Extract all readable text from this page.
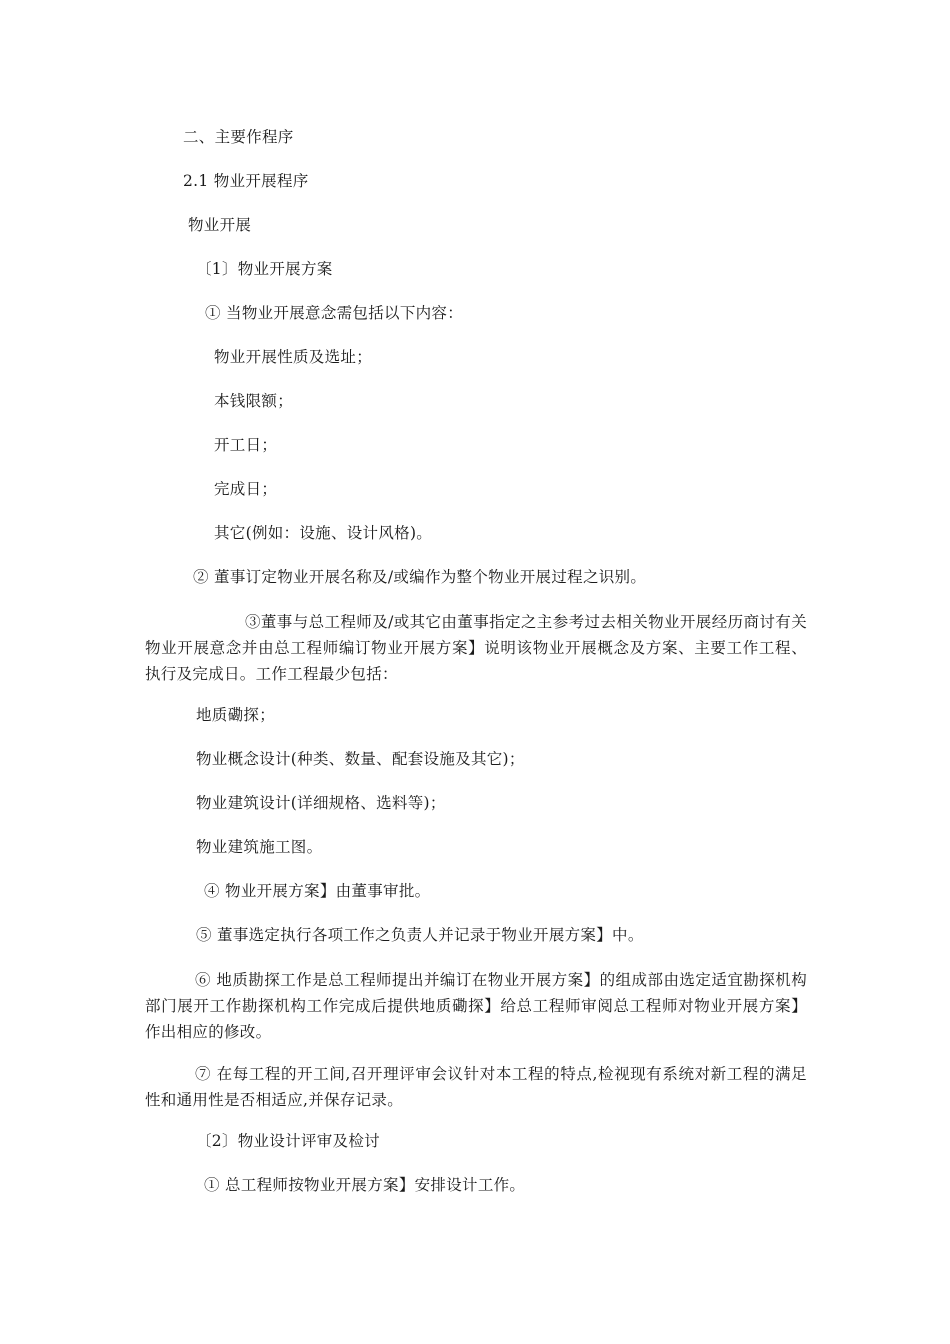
二、主要作程序
2.1 物业开展程序
物业开展
〔1〕物业开展方案
① 当物业开展意念需包括以下内容：
物业开展性质及选址；
本钱限额；
开工日；
完成日；
其它(例如：设施、设计风格)。
② 董事订定物业开展名称及/或编作为整个物业开展过程之识别。
③董事与总工程师及/或其它由董事指定之主参考过去相关物业开展经历商讨有关物业开展意念并由总工程师编订物业开展方案】说明该物业开展概念及方案、主要工作工程、执行及完成日。工作工程最少包括：
地质磡探；
物业概念设计(种类、数量、配套设施及其它)；
物业建筑设计(详细规格、选料等)；
物业建筑施工图。
④ 物业开展方案】由董事审批。
⑤ 董事选定执行各项工作之负责人并记录于物业开展方案】中。
⑥ 地质勘探工作是总工程师提出并编订在物业开展方案】的组成部由选定适宜勘探机构部门展开工作勘探机构工作完成后提供地质磡探】给总工程师审阅总工程师对物业开展方案】作出相应的修改。
⑦ 在每工程的开工间,召开理评审会议针对本工程的特点,检视现有系统对新工程的满足性和通用性是否相适应,并保存记录。
〔2〕物业设计评审及检讨
① 总工程师按物业开展方案】安排设计工作。
